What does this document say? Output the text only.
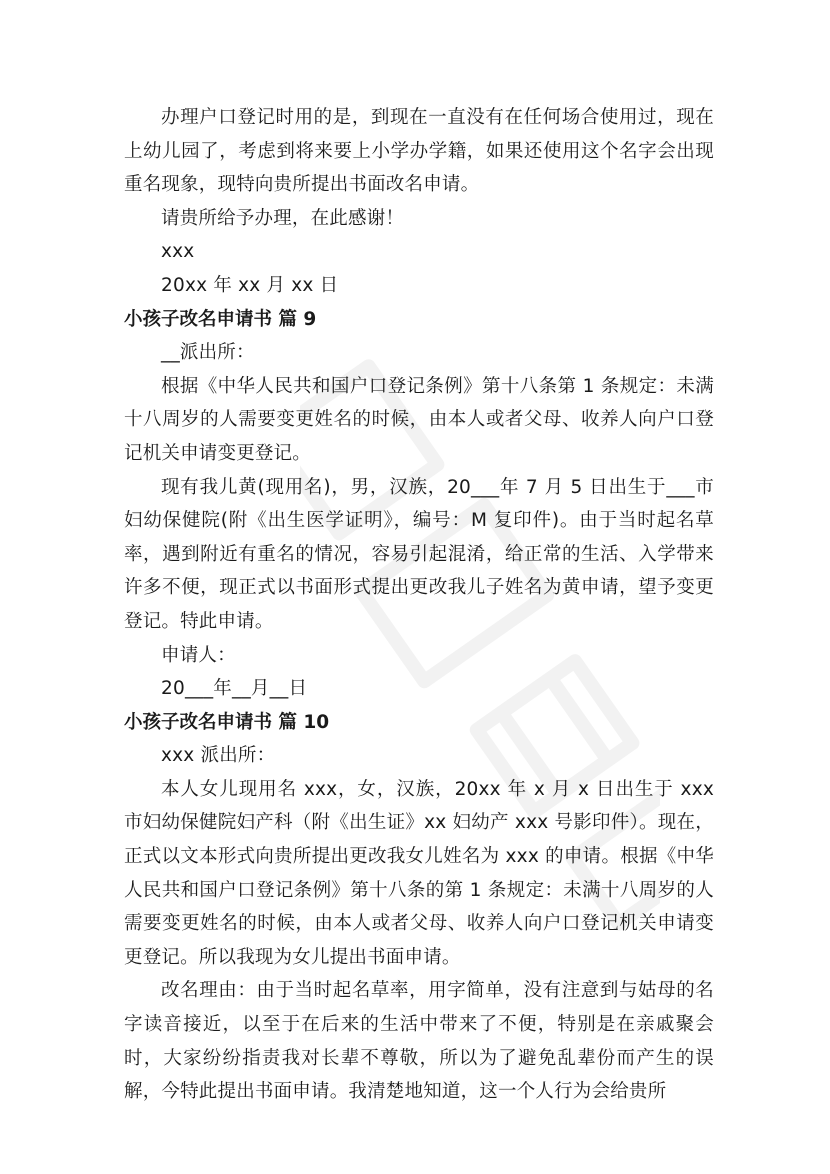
办理户口登记时用的是，到现在一直没有在任何场合使用过，现在上幼儿园了，考虑到将来要上小学办学籍，如果还使用这个名字会出现重名现象，现特向贵所提出书面改名申请。

请贵所给予办理，在此感谢！

xxx

20xx 年 xx 月 xx 日

小孩子改名申请书 篇 9

__派出所：

根据《中华人民共和国户口登记条例》第十八条第 1 条规定：未满十八周岁的人需要变更姓名的时候，由本人或者父母、收养人向户口登记机关申请变更登记。

现有我儿黄(现用名)，男，汉族，20___年 7 月 5 日出生于___市妇幼保健院(附《出生医学证明》，编号：M 复印件)。由于当时起名草率，遇到附近有重名的情况，容易引起混淆，给正常的生活、入学带来许多不便，现正式以书面形式提出更改我儿子姓名为黄申请，望予变更登记。特此申请。

申请人：

20___年__月__日

小孩子改名申请书 篇 10

xxx 派出所：

本人女儿现用名 xxx，女，汉族，20xx 年 x 月 x 日出生于 xxx 市妇幼保健院妇产科（附《出生证》xx 妇幼产 xxx 号影印件）。现在，正式以文本形式向贵所提出更改我女儿姓名为 xxx 的申请。根据《中华人民共和国户口登记条例》第十八条的第 1 条规定：未满十八周岁的人需要变更姓名的时候，由本人或者父母、收养人向户口登记机关申请变更登记。所以我现为女儿提出书面申请。

改名理由：由于当时起名草率，用字简单，没有注意到与姑母的名字读音接近，以至于在后来的生活中带来了不便，特别是在亲戚聚会时，大家纷纷指责我对长辈不尊敬，所以为了避免乱辈份而产生的误解，今特此提出书面申请。我清楚地知道，这一个人行为会给贵所
